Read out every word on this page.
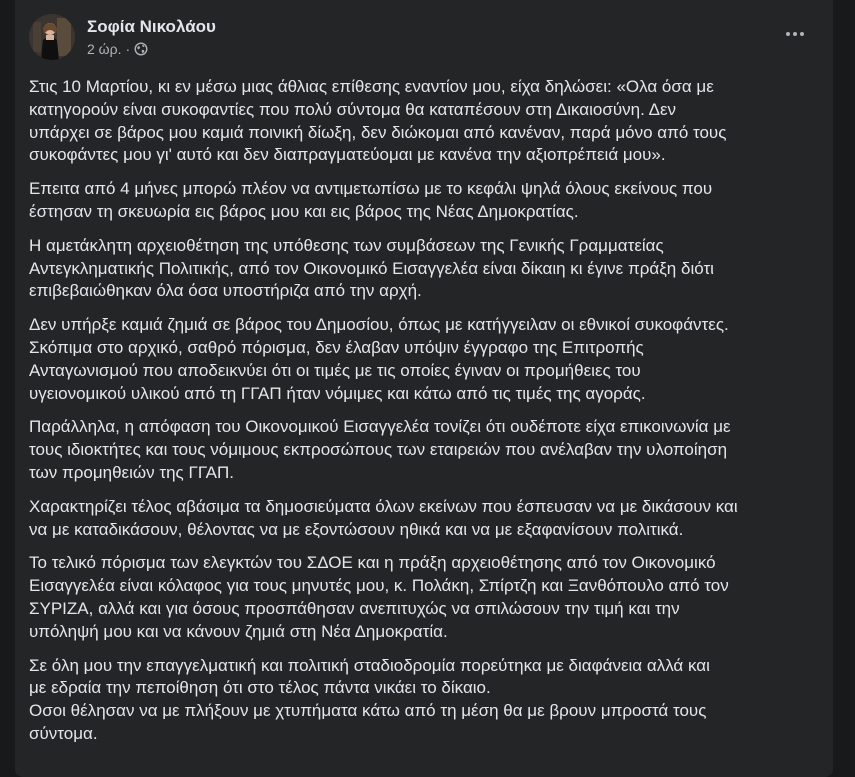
Σοφία Νικολάου
2 ώρ. ·

Στις 10 Μαρτίου, κι εν μέσω μιας άθλιας επίθεσης εναντίον μου, είχα δηλώσει: «Ολα όσα με
κατηγορούν είναι συκοφαντίες που πολύ σύντομα θα καταπέσουν στη Δικαιοσύνη. Δεν
υπάρχει σε βάρος μου καμιά ποινική δίωξη, δεν διώκομαι από κανέναν, παρά μόνο από τους
συκοφάντες μου γι' αυτό και δεν διαπραγματεύομαι με κανένα την αξιοπρέπειά μου».

Επειτα από 4 μήνες μπορώ πλέον να αντιμετωπίσω με το κεφάλι ψηλά όλους εκείνους που
έστησαν τη σκευωρία εις βάρος μου και εις βάρος της Νέας Δημοκρατίας.

Η αμετάκλητη αρχειοθέτηση της υπόθεσης των συμβάσεων της Γενικής Γραμματείας
Αντεγκληματικής Πολιτικής, από τον Οικονομικό Εισαγγελέα είναι δίκαιη κι έγινε πράξη διότι
επιβεβαιώθηκαν όλα όσα υποστήριζα από την αρχή.

Δεν υπήρξε καμιά ζημιά σε βάρος του Δημοσίου, όπως με κατήγγειλαν οι εθνικοί συκοφάντες.
Σκόπιμα στο αρχικό, σαθρό πόρισμα, δεν έλαβαν υπόψιν έγγραφο της Επιτροπής
Ανταγωνισμού που αποδεικνύει ότι οι τιμές με τις οποίες έγιναν οι προμήθειες του
υγειονομικού υλικού από τη ΓΓΑΠ ήταν νόμιμες και κάτω από τις τιμές της αγοράς.

Παράλληλα, η απόφαση του Οικονομικού Εισαγγελέα τονίζει ότι ουδέποτε είχα επικοινωνία με
τους ιδιοκτήτες και τους νόμιμους εκπροσώπους των εταιρειών που ανέλαβαν την υλοποίηση
των προμηθειών της ΓΓΑΠ.

Χαρακτηρίζει τέλος αβάσιμα τα δημοσιεύματα όλων εκείνων που έσπευσαν να με δικάσουν και
να με καταδικάσουν, θέλοντας να με εξοντώσουν ηθικά και να με εξαφανίσουν πολιτικά.

Το τελικό πόρισμα των ελεγκτών του ΣΔΟΕ και η πράξη αρχειοθέτησης από τον Οικονομικό
Εισαγγελέα είναι κόλαφος για τους μηνυτές μου, κ. Πολάκη, Σπίρτζη και Ξανθόπουλο από τον
ΣΥΡΙΖΑ, αλλά και για όσους προσπάθησαν ανεπιτυχώς να σπιλώσουν την τιμή και την
υπόληψή μου και να κάνουν ζημιά στη Νέα Δημοκρατία.

Σε όλη μου την επαγγελματική και πολιτική σταδιοδρομία πορεύτηκα με διαφάνεια αλλά και
με εδραία την πεποίθηση ότι στο τέλος πάντα νικάει το δίκαιο.
Οσοι θέλησαν να με πλήξουν με χτυπήματα κάτω από τη μέση θα με βρουν μπροστά τους
σύντομα.
